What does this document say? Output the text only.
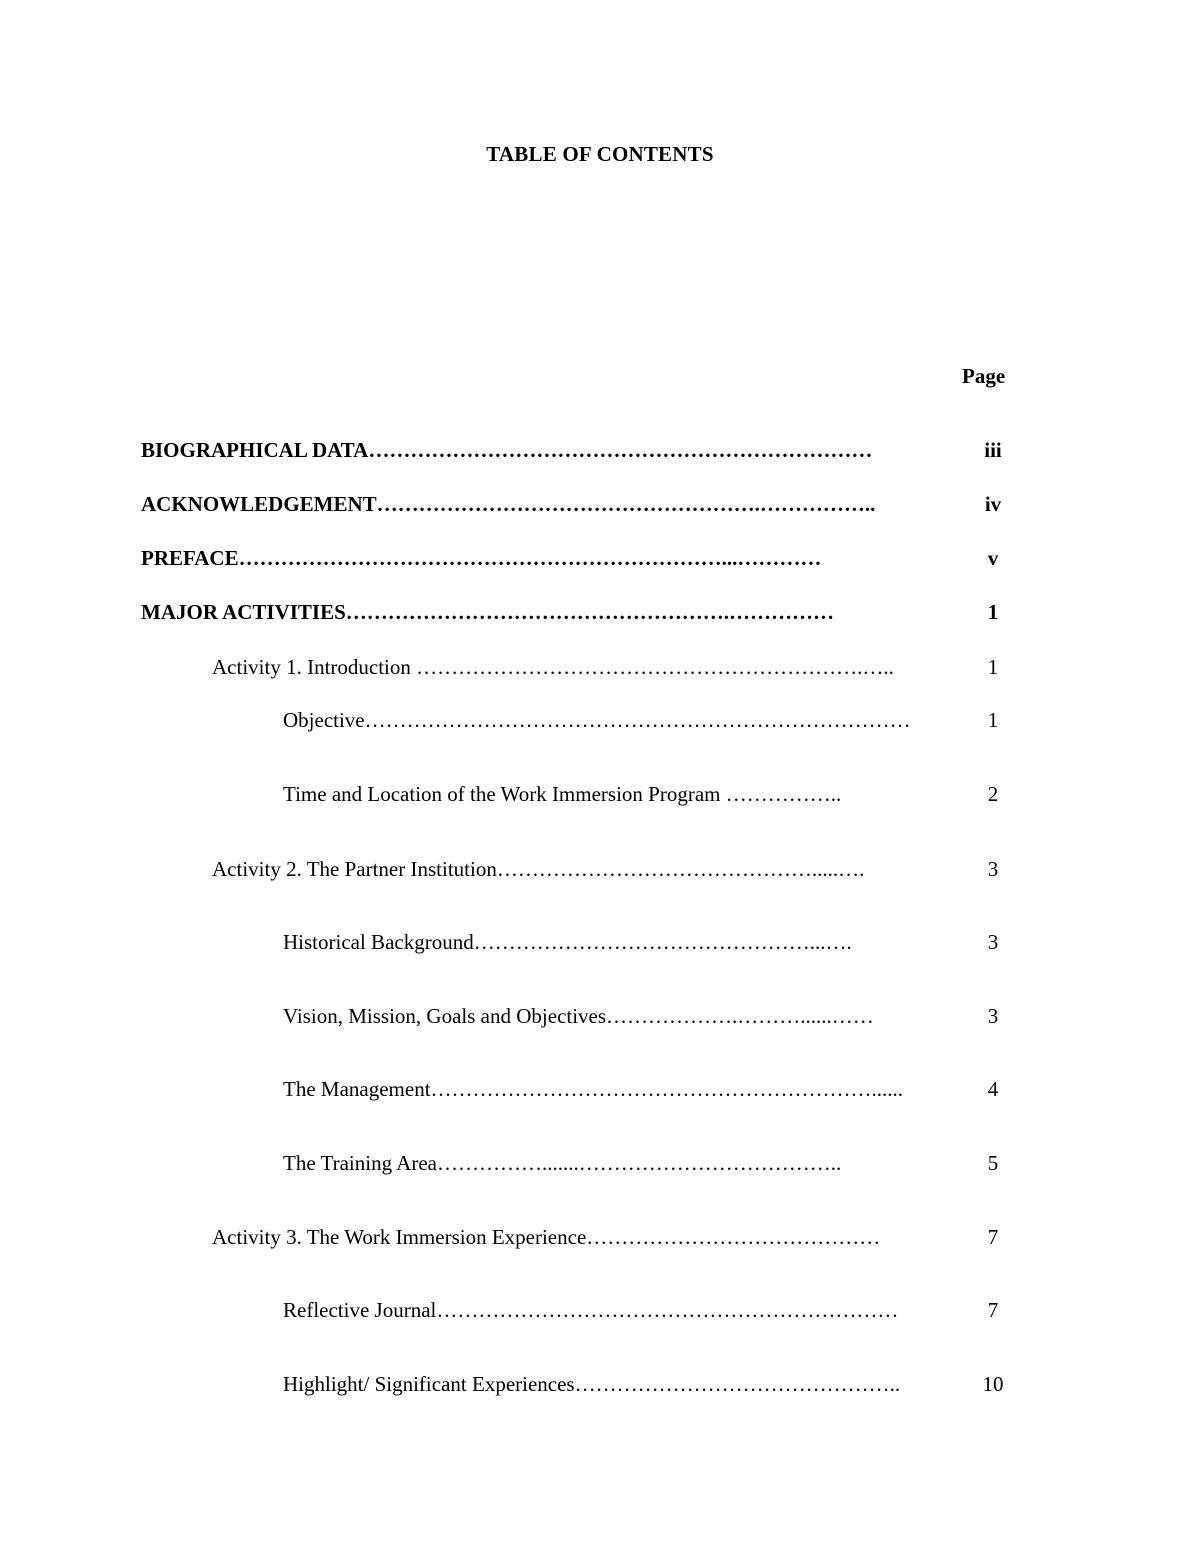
TABLE OF CONTENTS
Page
BIOGRAPHICAL DATA………………………………………………………………	iii
ACKNOWLEDGEMENT……………………………………………….……………..	iv
PREFACE……………………………………………………………...…………	v
MAJOR ACTIVITIES……………………………………………….……………	1
Activity 1. Introduction ……………………………………………………….…..	1
Objective……………………………………………………………………	1
Time and Location of the Work Immersion Program ……………..	2
Activity 2. The Partner Institution……………………………………….....….	3
Historical Background…………………………………………...….	3
Vision, Mission, Goals and Objectives……………….………......……	3
The Management………………………………………………………......	4
The Training Area…………….......………………………………..	5
Activity 3. The Work Immersion Experience……………………………………	7
Reflective Journal…………………………………………………………	7
Highlight/ Significant Experiences………………………………………..	10
